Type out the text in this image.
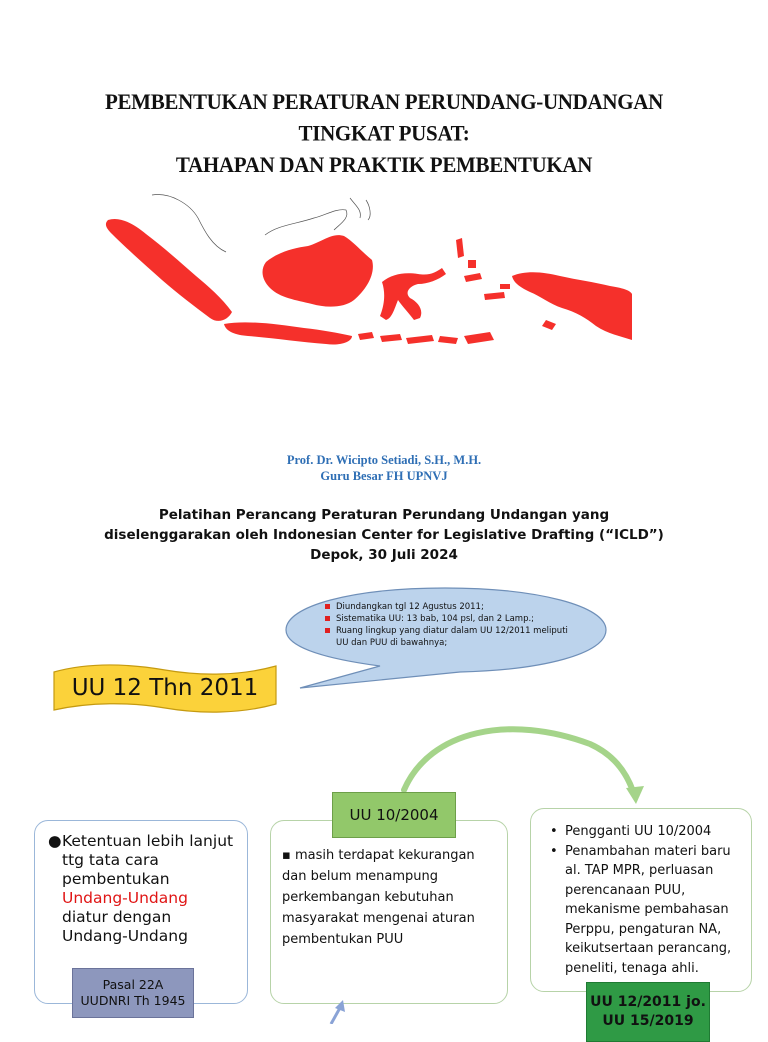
PEMBENTUKAN PERATURAN PERUNDANG-UNDANGAN
TINGKAT PUSAT:
TAHAPAN DAN PRAKTIK PEMBENTUKAN
Prof. Dr. Wicipto Setiadi, S.H., M.H.
Guru Besar FH UPNVJ
Pelatihan Perancang Peraturan Perundang Undangan yang
diselenggarakan oleh Indonesian Center for Legislative Drafting (“ICLD”)
Depok, 30 Juli 2024
Diundangkan tgl 12 Agustus 2011;
Sistematika UU: 13 bab, 104 psl, dan 2 Lamp.;
Ruang lingkup yang diatur dalam UU 12/2011 meliputi UU dan PUU di bawahnya;
UU 12 Thn 2011
● Ketentuan lebih lanjut ttg tata cara pembentukan Undang-Undang diatur dengan Undang-Undang
▪ masih terdapat kekurangan dan belum menampung perkembangan kebutuhan masyarakat mengenai aturan pembentukan PUU
• Pengganti UU 10/2004
• Penambahan materi baru al. TAP MPR, perluasan perencanaan PUU, mekanisme pembahasan Perppu, pengaturan NA, keikutsertaan perancang, peneliti, tenaga ahli.
UU 10/2004
Pasal 22A
UUDNRI Th 1945	UU 12/2011 jo.
UU 15/2019
